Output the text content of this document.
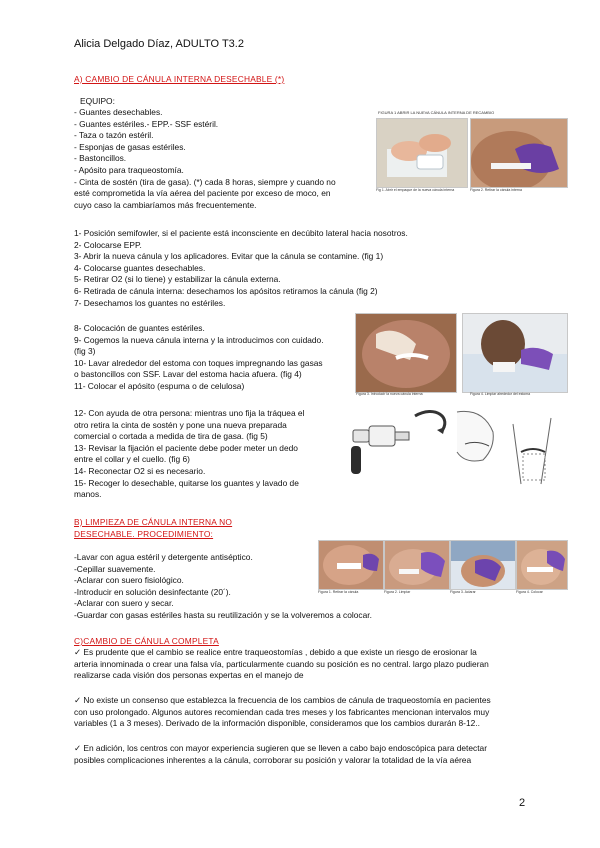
Alicia Delgado Díaz, ADULTO T3.2
A) CAMBIO DE CÁNULA INTERNA DESECHABLE (*)
EQUIPO:
- Guantes desechables.
- Guantes estériles.- EPP.- SSF estéril.
- Taza o tazón estéril.
- Esponjas de gasas estériles.
- Bastoncillos.
- Apósito para traqueostomía.
- Cinta de sostén (tira de gasa). (*) cada 8 horas, siempre y cuando no
esté comprometida la vía aérea del paciente por exceso de moco, en
cuyo caso la cambiaríamos más frecuentemente.
FIGURA 1 ABRIR LA NUEVA CÁNULA INTERNA DE RECAMBIO
Fig 1. Abrir el empaque de la nueva cánula interna	Figura 2. Retirar la cánula interna
1- Posición semifowler, si el paciente está inconsciente en decúbito lateral hacia nosotros.
2- Colocarse EPP.
3- Abrir la nueva cánula y los aplicadores. Evitar que la cánula se contamine. (fig 1)
4- Colocarse guantes desechables.
5- Retirar O2 (si lo tiene) y estabilizar la cánula externa.
6- Retirada de cánula interna: desechamos los apósitos retiramos la cánula (fig 2)
7- Desechamos los guantes no estériles.
8- Colocación de guantes estériles.
9- Cogemos la nueva cánula interna y la introducimos con cuidado.
(fig 3)
10- Lavar alrededor del estoma con toques impregnando las gasas
o bastoncillos con SSF. Lavar del estoma hacia afuera. (fig 4)
11- Colocar el apósito (espuma o de celulosa)
Figura 3. Introducir la nueva cánula interna	Figura 4. Limpiar alrededor del estoma
12- Con ayuda de otra persona: mientras uno fija la tráquea el
otro retira la cinta de sostén y pone una nueva preparada
comercial o cortada a medida de tira de gasa. (fig 5)
13- Revisar la fijación el paciente debe poder meter un dedo
entre el collar y el cuello. (fig 6)
14- Reconectar O2 si es necesario.
15- Recoger lo desechable, quitarse los guantes y lavado de
manos.
B) LIMPIEZA DE CÁNULA INTERNA NO
DESECHABLE. PROCEDIMIENTO:
-Lavar con agua estéril y detergente antiséptico.
-Cepillar suavemente.
-Aclarar con suero fisiológico.
-Introducir en solución desinfectante (20´).
-Aclarar con suero y secar.
-Guardar con gasas estériles hasta su reutilización y se la volveremos a colocar.
Figura 1. Retirar la cánula	Figura 2. Limpiar	Figura 3. Aclarar	Figura 4. Colocar
C)CAMBIO DE CÁNULA COMPLETA
✓ Es prudente que el cambio se realice entre traqueostomías , debido a que existe un riesgo de erosionar la
arteria innominada o crear una falsa vía, particularmente cuando su posición es no central. largo plazo pudieran
realizarse cada visión dos personas expertas en el manejo de
✓ No existe un consenso que establezca la frecuencia de los cambios de cánula de traqueostomía en pacientes
con uso prolongado. Algunos autores recomiendan cada tres meses y los fabricantes mencionan intervalos muy
variables (1 a 3 meses). Derivado de la información disponible, consideramos que los cambios durarán 8-12..
✓ En adición, los centros con mayor experiencia sugieren que se lleven a cabo bajo endoscópica para detectar
posibles complicaciones inherentes a la cánula, corroborar su posición y valorar la totalidad de la vía aérea
2
